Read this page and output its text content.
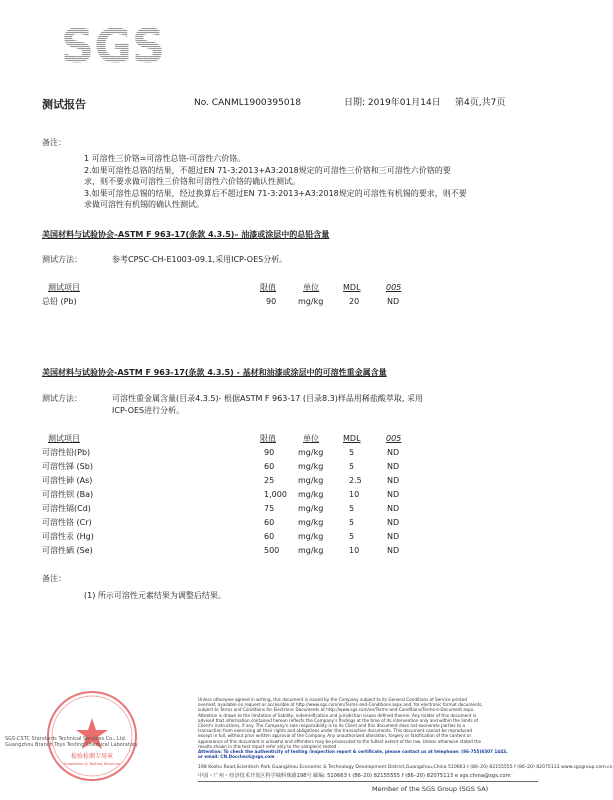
SGS
测试报告	No. CANML1900395018	日期: 2019年01月14日 第4页,共7页
备注：
1 可溶性三价铬=可溶性总铬-可溶性六价铬。
2.如果可溶性总铬的结果，不超过EN 71-3:2013+A3:2018规定的可溶性三价铬和三可溶性六价铬的要
求，则不要求做可溶性三价铬和可溶性六价铬的确认性测试。
3.如果可溶性总锡的结果，经过换算后不超过EN 71-3:2013+A3:2018规定的可溶性有机锡的要求，则不要
求做可溶性有机锡的确认性测试。
美国材料与试验协会–ASTM F 963-17(条款 4.3.5)– 油漆或涂层中的总铅含量
测试方法：	参考CPSC-CH-E1003-09.1,采用ICP-OES分析。
测试项目	限值	单位	MDL	005
总铅 (Pb)	90	mg/kg	20	ND
美国材料与试验协会-ASTM F 963-17(条款 4.3.5) - 基材和油漆或涂层中的可溶性重金属含量
测试方法：	可溶性重金属含量(目录4.3.5)- 根据ASTM F 963-17 (目录8.3)样品用稀盐酸萃取, 采用
ICP-OES进行分析。
测试项目	限值	单位	MDL	005
可溶性铅(Pb)	90	mg/kg	5	ND
可溶性锑 (Sb)	60	mg/kg	5	ND
可溶性砷 (As)	25	mg/kg	2.5	ND
可溶性钡 (Ba)	1,000 mg/kg	10	ND
可溶性镉(Cd)	75	mg/kg	5	ND
可溶性铬 (Cr)	60	mg/kg	5	ND
可溶性汞 (Hg)	60	mg/kg	5	ND
可溶性硒 (Se)	500 mg/kg	10	ND
备注：
(1) 所示可溶性元素结果为调整后结果。
检验检测专用章
Inspection & Testing Services
SGS-CSTC Standards Technical Services Co., Ltd.
Guangzhou Branch Toys Testing Chemical Laboratory

Unless otherwise agreed in writing, this document is issued by the Company subject to its General Conditions of Service printed

overleaf, available on request or accessible at http://www.sgs.com/en/Terms-and-Conditions.aspx and, for electronic format documents,

subject to Terms and Conditions for Electronic Documents at http://www.sgs.com/en/Terms-and-Conditions/Terms-e-Document.aspx.

Attention is drawn to the limitation of liability, indemnification and jurisdiction issues defined therein. Any holder of this document is

advised that information contained hereon reflects the Company's findings at the time of its intervention only and within the limits of

Client's instructions, if any. The Company's sole responsibility is to its Client and this document does not exonerate parties to a

transaction from exercising all their rights and obligations under the transaction documents. This document cannot be reproduced

except in full, without prior written approval of the Company. Any unauthorized alteration, forgery or falsification of the content or

appearance of this document is unlawful and offenders may be prosecuted to the fullest extent of the law. Unless otherwise stated the

results shown in this test report refer only to the sample(s) tested .

Attention: To check the authenticity of testing /inspection report & certificate, please contact us at telephone: (86-755)8307 1443,

or email: CN.Doccheck@sgs.com

198 Kezhu Road,Scientech Park Guangzhou Economic & Technology Development District,Guangzhou,China 510663 t (86–20) 82155555 f (86–20) 82075113 www.sgsgroup.com.cn
中国・广州・经济技术开发区科学城科珠路198号 邮编: 510663 t (86–20) 82155555 f (86–20) 82075113 e sgs.china@sgs.com
Member of the SGS Group (SGS SA)
